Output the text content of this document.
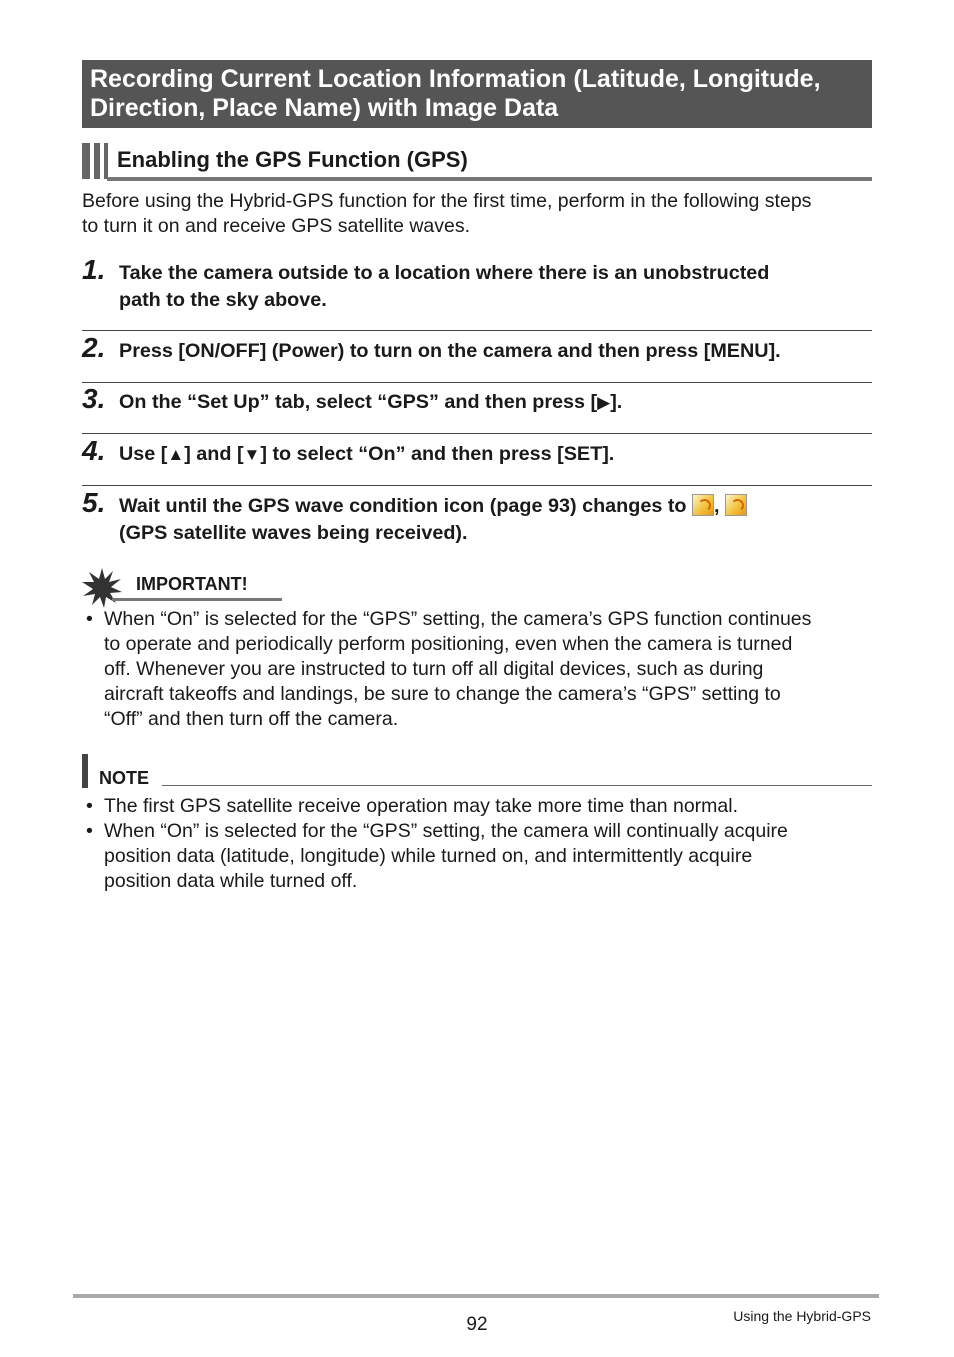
Recording Current Location Information (Latitude, Longitude,
Direction, Place Name) with Image Data
Enabling the GPS Function (GPS)
Before using the Hybrid-GPS function for the first time, perform in the following steps
to turn it on and receive GPS satellite waves.
1. Take the camera outside to a location where there is an unobstructed
path to the sky above.
2. Press [ON/OFF] (Power) to turn on the camera and then press [MENU].
3. On the “Set Up” tab, select “GPS” and then press [▶].
4. Use [▲] and [▼] to select “On” and then press [SET].
5. Wait until the GPS wave condition icon (page 93) changes to ,
(GPS satellite waves being received).
IMPORTANT!
• When “On” is selected for the “GPS” setting, the camera’s GPS function continues
to operate and periodically perform positioning, even when the camera is turned
off. Whenever you are instructed to turn off all digital devices, such as during
aircraft takeoffs and landings, be sure to change the camera’s “GPS” setting to
“Off” and then turn off the camera.
NOTE
• The first GPS satellite receive operation may take more time than normal.
• When “On” is selected for the “GPS” setting, the camera will continually acquire
position data (latitude, longitude) while turned on, and intermittently acquire
position data while turned off.
92	Using the Hybrid-GPS
